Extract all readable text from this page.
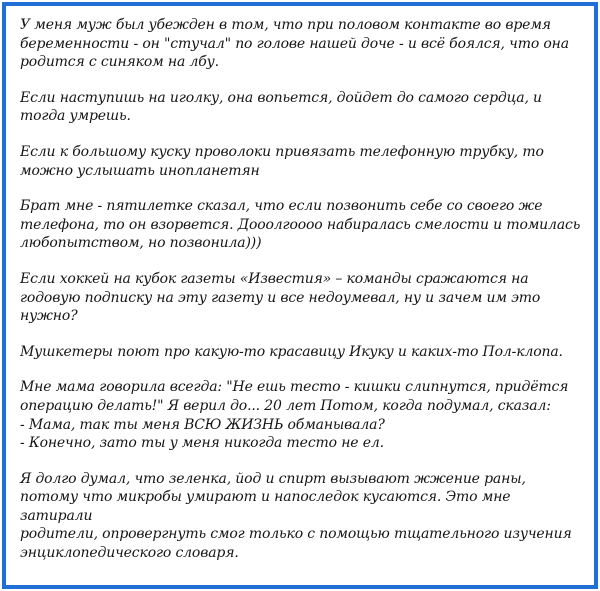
У меня муж был убежден в том, что при половом контакте во время
беременности - он "стучал" по голове нашей доче - и всё боялся, что она
родится с синяком на лбу.

Если наступишь на иголку, она вопьется, дойдет до самого сердца, и
тогда умрешь.

Если к большому куску проволоки привязать телефонную трубку, то
можно услышать инопланетян

Брат мне - пятилетке сказал, что если позвонить себе со своего же
телефона, то он взорвется. Дооолгоооо набиралась смелости и томилась
любопытством, но позвонила)))

Если хоккей на кубок газеты «Известия» – команды сражаются на
годовую подписку на эту газету и все недоумевал, ну и зачем им это
нужно?

Мушкетеры поют про какую-то красавицу Икуку и каких-то Пол-клопа.

Мне мама говорила всегда: "Не ешь тесто - кишки слипнутся, придётся
операцию делать!" Я верил до... 20 лет Потом, когда подумал, сказал:
- Мама, так ты меня ВСЮ ЖИЗНЬ обманывала?
- Конечно, зато ты у меня никогда тесто не ел.

Я долго думал, что зеленка, йод и спирт вызывают жжение раны,
потому что микробы умирают и напоследок кусаются. Это мне затирали
родители, опровергнуть смог только с помощью тщательного изучения
энциклопедического словаря.
